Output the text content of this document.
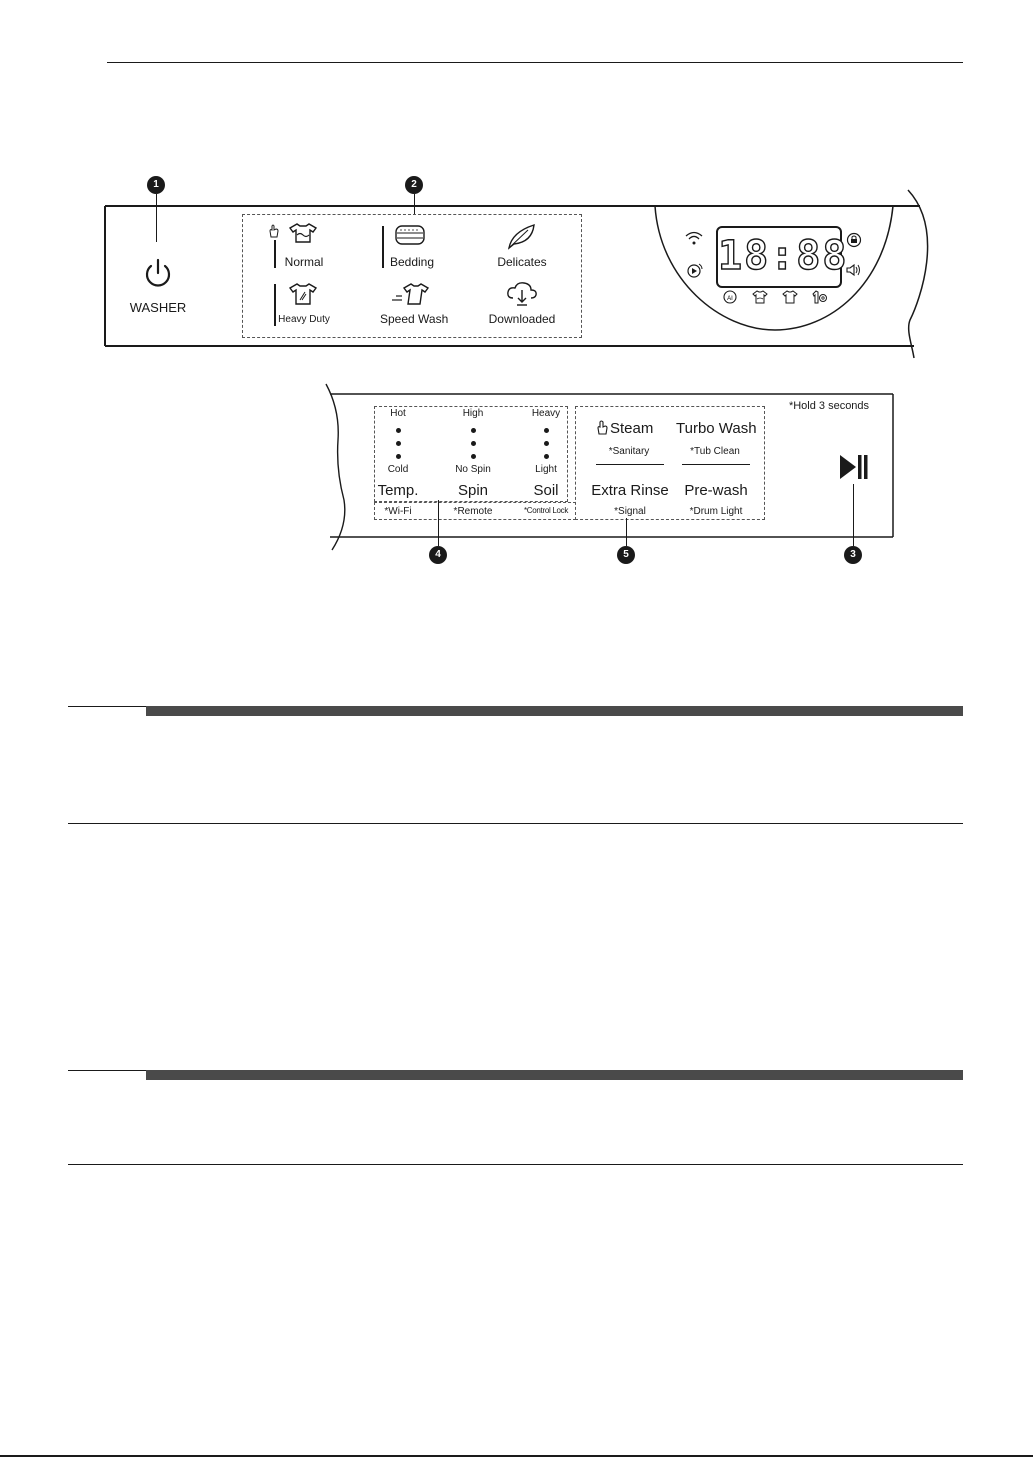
1	2
WASHER
Normal	Bedding	Delicates
Heavy Duty	Speed Wash	Downloaded
18:88
AI
*Hold 3 seconds
Hot
Cold
Temp.
High
No Spin
Spin
Heavy
Light
Soil
*Wi-Fi	*Remote	*Control Lock
Steam
*Sanitary
Turbo Wash
*Tub Clean
Extra Rinse
*Signal
Pre-wash
*Drum Light
3
4	5
